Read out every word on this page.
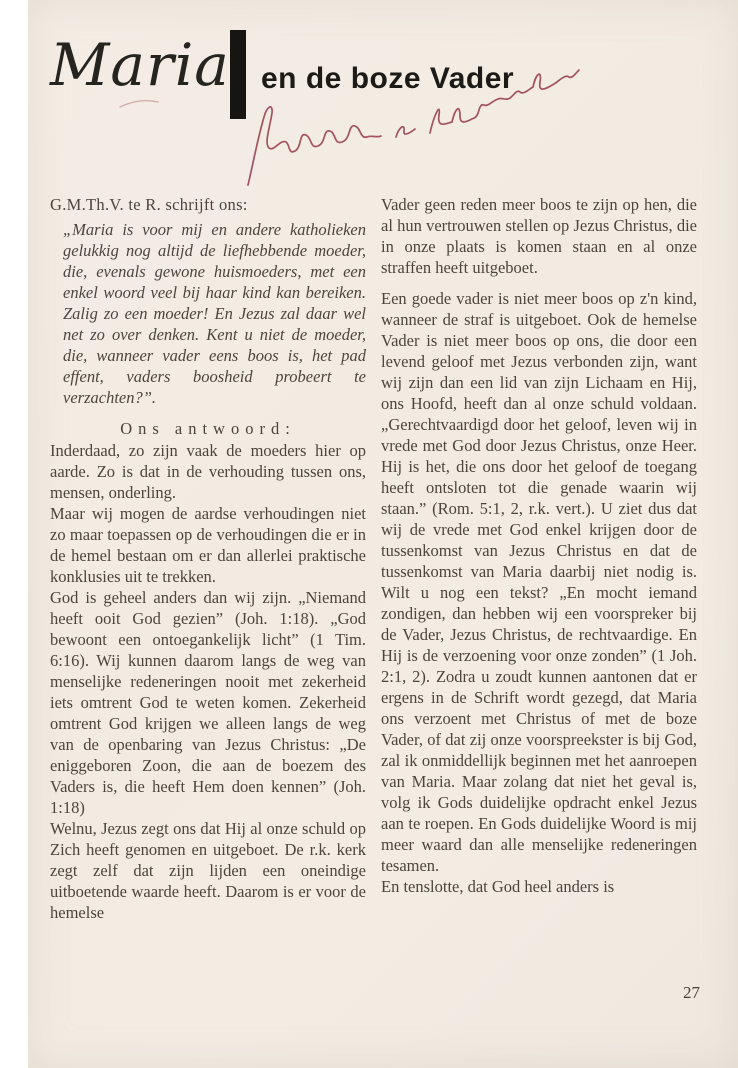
Maria en de boze Vader

G.M.Th.V. te R. schrijft ons:

„Maria is voor mij en andere katholieken gelukkig nog altijd de liefhebbende moeder, die, evenals gewone huismoeders, met een enkel woord veel bij haar kind kan bereiken. Zalig zo een moeder! En Jezus zal daar wel net zo over denken. Kent u niet de moeder, die, wanneer vader eens boos is, het pad effent, vaders boosheid probeert te verzachten?”.

Ons antwoord:

Inderdaad, zo zijn vaak de moeders hier op aarde. Zo is dat in de verhouding tussen ons, mensen, onderling.

Maar wij mogen de aardse verhoudingen niet zo maar toepassen op de verhoudingen die er in de hemel bestaan om er dan allerlei praktische konklusies uit te trekken.

God is geheel anders dan wij zijn. „Niemand heeft ooit God gezien” (Joh. 1:18). „God bewoont een ontoegankelijk licht” (1 Tim. 6:16). Wij kunnen daarom langs de weg van menselijke redeneringen nooit met zekerheid iets omtrent God te weten komen. Zekerheid omtrent God krijgen we alleen langs de weg van de openbaring van Jezus Christus: „De eniggeboren Zoon, die aan de boezem des Vaders is, die heeft Hem doen kennen” (Joh. 1:18)

Welnu, Jezus zegt ons dat Hij al onze schuld op Zich heeft genomen en uitgeboet. De r.k. kerk zegt zelf dat zijn lijden een oneindige uitboetende waarde heeft. Daarom is er voor de hemelse

Vader geen reden meer boos te zijn op hen, die al hun vertrouwen stellen op Jezus Christus, die in onze plaats is komen staan en al onze straffen heeft uitgeboet.

Een goede vader is niet meer boos op z'n kind, wanneer de straf is uitgeboet. Ook de hemelse Vader is niet meer boos op ons, die door een levend geloof met Jezus verbonden zijn, want wij zijn dan een lid van zijn Lichaam en Hij, ons Hoofd, heeft dan al onze schuld voldaan. „Gerechtvaardigd door het geloof, leven wij in vrede met God door Jezus Christus, onze Heer. Hij is het, die ons door het geloof de toegang heeft ontsloten tot die genade waarin wij staan.” (Rom. 5:1, 2, r.k. vert.). U ziet dus dat wij de vrede met God enkel krijgen door de tussenkomst van Jezus Christus en dat de tussenkomst van Maria daarbij niet nodig is. Wilt u nog een tekst? „En mocht iemand zondigen, dan hebben wij een voorspreker bij de Vader, Jezus Christus, de rechtvaardige. En Hij is de verzoening voor onze zonden” (1 Joh. 2:1, 2). Zodra u zoudt kunnen aantonen dat er ergens in de Schrift wordt gezegd, dat Maria ons verzoent met Christus of met de boze Vader, of dat zij onze voorspreekster is bij God, zal ik onmiddellijk beginnen met het aanroepen van Maria. Maar zolang dat niet het geval is, volg ik Gods duidelijke opdracht enkel Jezus aan te roepen. En Gods duidelijke Woord is mij meer waard dan alle menselijke redeneringen tesamen.

En tenslotte, dat God heel anders is

27
